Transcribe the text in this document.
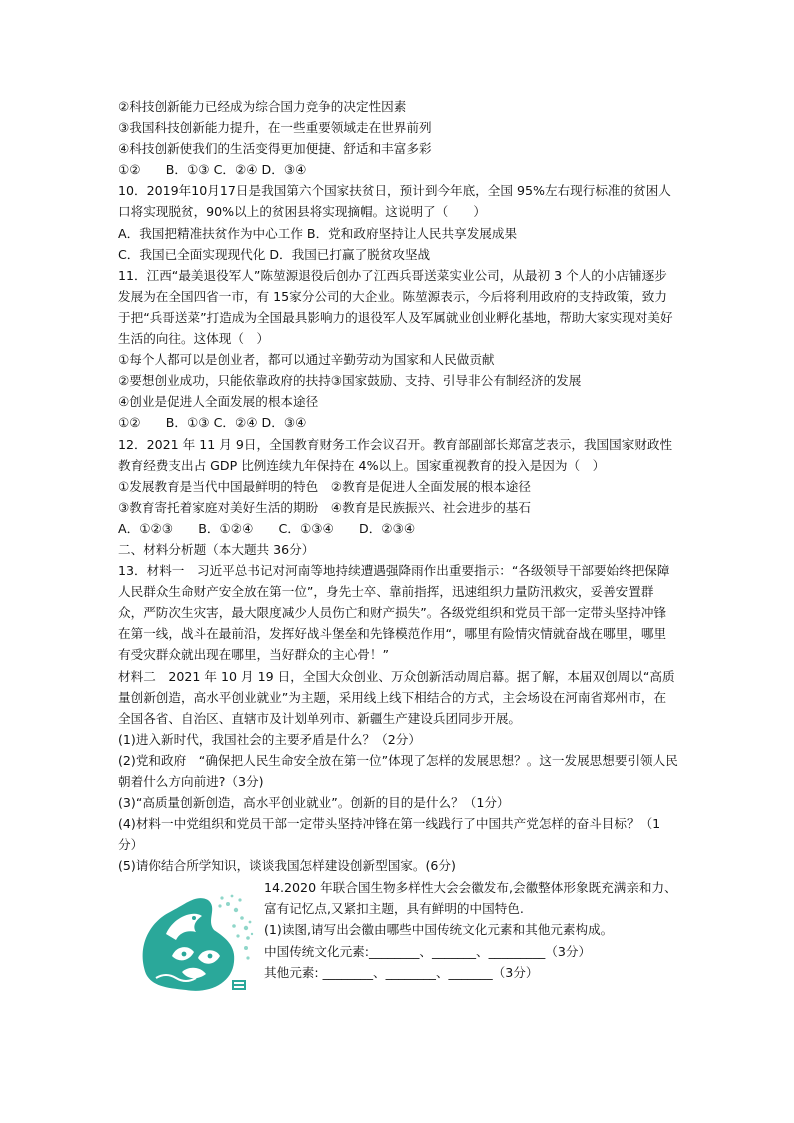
②科技创新能力已经成为综合国力竞争的决定性因素
③我国科技创新能力提升，在一些重要领域走在世界前列
④科技创新使我们的生活变得更加便捷、舒适和丰富多彩
①②　　B．①③ C．②④ D．③④
10．2019年10月17日是我国第六个国家扶贫日，预计到今年底，全国 95%左右现行标准的贫困人口将实现脱贫，90%以上的贫困县将实现摘帽。这说明了（　　）
A．我国把精准扶贫作为中心工作 B．党和政府坚持让人民共享发展成果
C．我国已全面实现现代化 D．我国已打赢了脱贫攻坚战
11．江西“最美退役军人”陈堃源退役后创办了江西兵哥送菜实业公司，从最初 3 个人的小店铺逐步发展为在全国四省一市，有 15家分公司的大企业。陈堃源表示，今后将利用政府的支持政策，致力于把“兵哥送菜”打造成为全国最具影响力的退役军人及军属就业创业孵化基地，帮助大家实现对美好生活的向往。这体现（　）
①每个人都可以是创业者，都可以通过辛勤劳动为国家和人民做贡献
②要想创业成功，只能依靠政府的扶持③国家鼓励、支持、引导非公有制经济的发展
④创业是促进人全面发展的根本途径
①②　　B．①③ C．②④ D．③④
12．2021 年 11 月 9日，全国教育财务工作会议召开。教育部副部长郑富芝表示，我国国家财政性教育经费支出占 GDP 比例连续九年保持在 4%以上。国家重视教育的投入是因为（　）
①发展教育是当代中国最鲜明的特色　②教育是促进人全面发展的根本途径
③教育寄托着家庭对美好生活的期盼　④教育是民族振兴、社会进步的基石
A．①②③　　B．①②④　　C．①③④　　D．②③④
二、材料分析题（本大题共 36分）
13．材料一　习近平总书记对河南等地持续遭遇强降雨作出重要指示：“各级领导干部要始终把保障人民群众生命财产安全放在第一位”，身先士卒、靠前指挥，迅速组织力量防汛救灾，妥善安置群众，严防次生灾害，最大限度减少人员伤亡和财产损失”。各级党组织和党员干部一定带头坚持冲锋在第一线，战斗在最前沿，发挥好战斗堡垒和先锋模范作用“，哪里有险情灾情就奋战在哪里，哪里有受灾群众就出现在哪里，当好群众的主心骨！”
材料二　2021 年 10 月 19 日，全国大众创业、万众创新活动周启幕。据了解，本届双创周以“高质量创新创造，高水平创业就业”为主题，采用线上线下相结合的方式，主会场设在河南省郑州市，在全国各省、自治区、直辖市及计划单列市、新疆生产建设兵团同步开展。
(1)进入新时代，我国社会的主要矛盾是什么？（2分）
(2)党和政府　“确保把人民生命安全放在第一位”体现了怎样的发展思想？。这一发展思想要引领人民朝着什么方向前进?（3分)
(3)“高质量创新创造，高水平创业就业”。创新的目的是什么？（1分）
(4)材料一中党组织和党员干部一定带头坚持冲锋在第一线践行了中国共产党怎样的奋斗目标？（1分）
(5)请你结合所学知识，谈谈我国怎样建设创新型国家。(6分)
14.2020 年联合国生物多样性大会会徽发布,会徽整体形象既充满亲和力、富有记忆点,又紧扣主题，具有鲜明的中国特色.
(1)读图,请写出会徽由哪些中国传统文化元素和其他元素构成。
中国传统文化元素:________、_______、_________（3分）
其他元素: ________、________、_______（3分）
